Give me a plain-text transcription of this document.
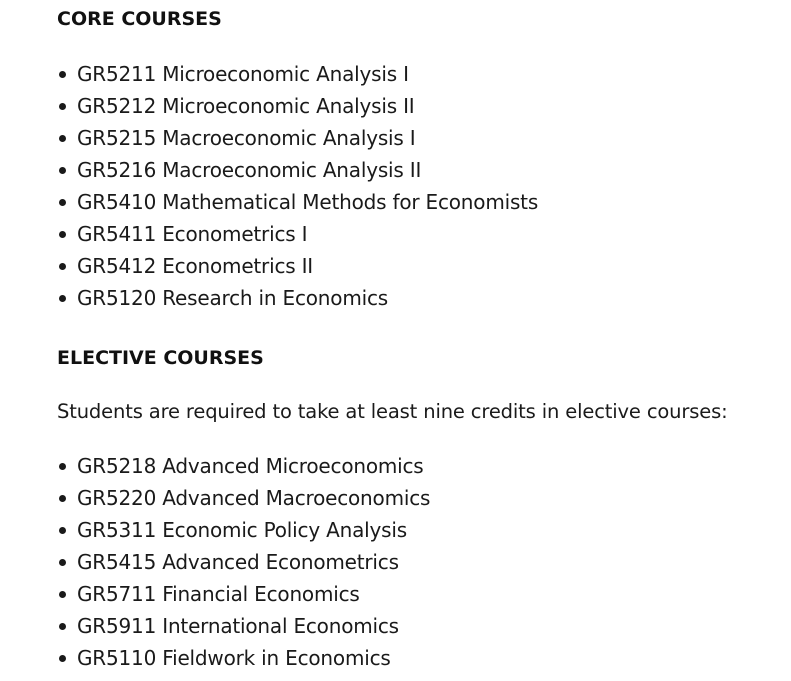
CORE COURSES
GR5211 Microeconomic Analysis I
GR5212 Microeconomic Analysis II
GR5215 Macroeconomic Analysis I
GR5216 Macroeconomic Analysis II
GR5410 Mathematical Methods for Economists
GR5411 Econometrics I
GR5412 Econometrics II
GR5120 Research in Economics
ELECTIVE COURSES

Students are required to take at least nine credits in elective courses:

GR5218 Advanced Microeconomics
GR5220 Advanced Macroeconomics
GR5311 Economic Policy Analysis
GR5415 Advanced Econometrics
GR5711 Financial Economics
GR5911 International Economics
GR5110 Fieldwork in Economics
